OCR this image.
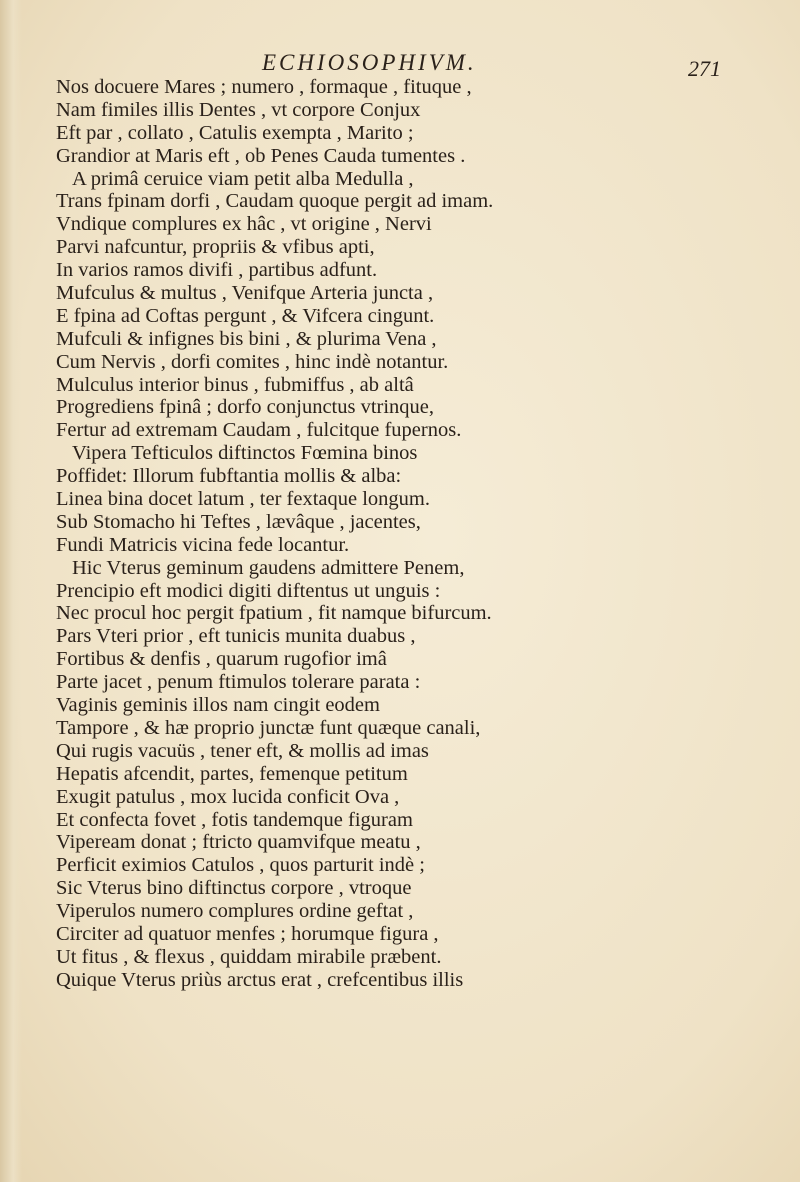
ECHIOSOPHIVM.	271
Nos docuere Mares ; numero , formaque , fituque ,
Nam fimiles illis Dentes , vt corpore Conjux
Eft par , collato , Catulis exempta , Marito ;
Grandior at Maris eft , ob Penes Cauda tumentes .
A primâ ceruice viam petit alba Medulla ,
Trans fpinam dorfi , Caudam quoque pergit ad imam.
Vndique complures ex hâc , vt origine , Nervi
Parvi nafcuntur, propriis & vfibus apti,
In varios ramos divifi , partibus adfunt.
Mufculus & multus , Venifque Arteria juncta ,
E fpina ad Coftas pergunt , & Vifcera cingunt.
Mufculi & infignes bis bini , & plurima Vena ,
Cum Nervis , dorfi comites , hinc indè notantur.
Mulculus interior binus , fubmiffus , ab altâ
Progrediens fpinâ ; dorfo conjunctus vtrinque,
Fertur ad extremam Caudam , fulcitque fupernos.
Vipera Tefticulos diftinctos Fœmina binos
Poffidet: Illorum fubftantia mollis & alba:
Linea bina docet latum , ter fextaque longum.
Sub Stomacho hi Teftes , lævâque , jacentes,
Fundi Matricis vicina fede locantur.
Hic Vterus geminum gaudens admittere Penem,
Prencipio eft modici digiti diftentus ut unguis :
Nec procul hoc pergit fpatium , fit namque bifurcum.
Pars Vteri prior , eft tunicis munita duabus ,
Fortibus & denfis , quarum rugofior imâ
Parte jacet , penum ftimulos tolerare parata :
Vaginis geminis illos nam cingit eodem
Tampore , & hæ proprio junctæ funt quæque canali,
Qui rugis vacuüs , tener eft, & mollis ad imas
Hepatis afcendit, partes, femenque petitum
Exugit patulus , mox lucida conficit Ova ,
Et confecta fovet , fotis tandemque figuram
Vipeream donat ; ftricto quamvifque meatu ,
Perficit eximios Catulos , quos parturit indè ;
Sic Vterus bino diftinctus corpore , vtroque
Viperulos numero complures ordine geftat ,
Circiter ad quatuor menfes ; horumque figura ,
Ut fitus , & flexus , quiddam mirabile præbent.
Quique Vterus priùs arctus erat , crefcentibus illis
